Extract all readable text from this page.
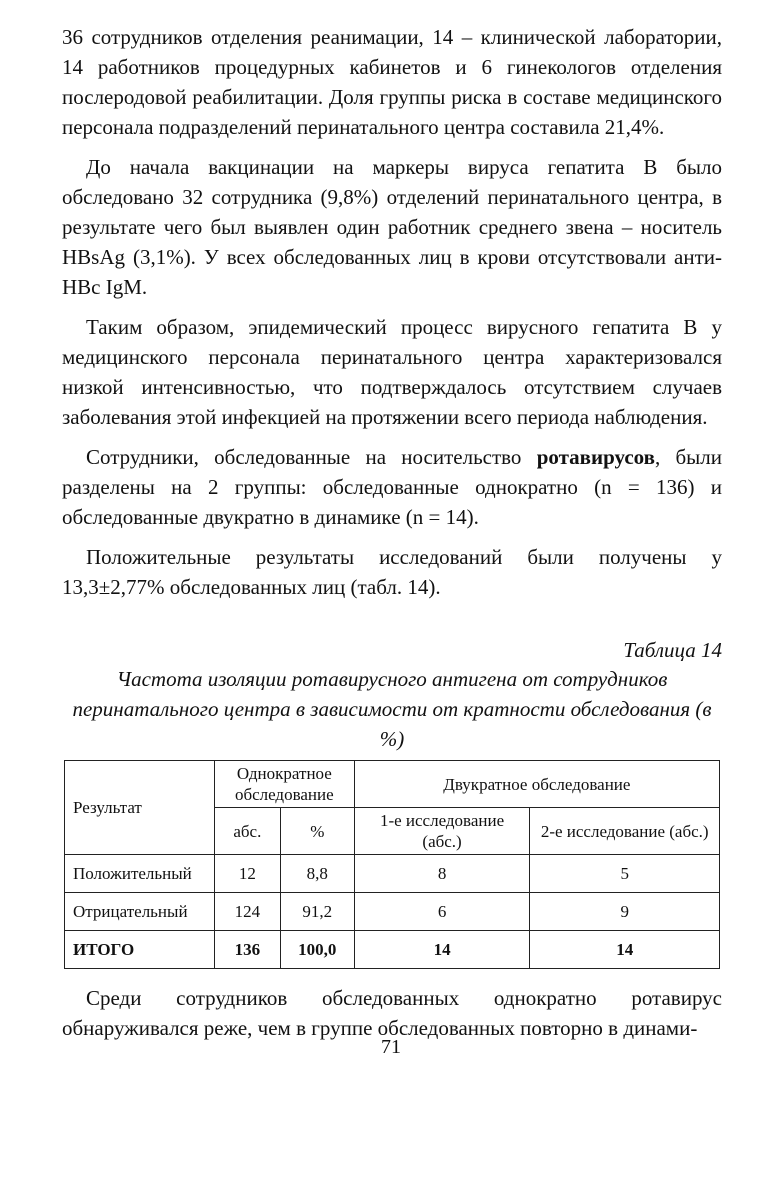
36 сотрудников отделения реанимации, 14 – клинической лаборатории, 14 работников процедурных кабинетов и 6 гинекологов отделения послеродовой реабилитации. Доля группы риска в составе медицинского персонала подразделений перинатального центра составила 21,4%.

До начала вакцинации на маркеры вируса гепатита В было обследовано 32 сотрудника (9,8%) отделений перинатального центра, в результате чего был выявлен один работник среднего звена – носитель HBsAg (3,1%). У всех обследованных лиц в крови отсутствовали анти-HBc IgM.

Таким образом, эпидемический процесс вирусного гепатита В у медицинского персонала перинатального центра характеризовался низкой интенсивностью, что подтверждалось отсутствием случаев заболевания этой инфекцией на протяжении всего периода наблюдения.

Сотрудники, обследованные на носительство ротавирусов, были разделены на 2 группы: обследованные однократно (n = 136) и обследованные двукратно в динамике (n = 14).

Положительные результаты исследований были получены у 13,3±2,77% обследованных лиц (табл. 14).

Таблица 14
Частота изоляции ротавирусного антигена от сотрудников перинатального центра в зависимости от кратности обследования (в %)
Результат	Однократное обследование		Двукратное обследование	
	абс.	%	1-е исследование (абс.)	2-е исследование (абс.)
Положительный	12	8,8	8	5
Отрицательный	124	91,2	6	9
ИТОГО	136	100,0	14	14

Среди сотрудников обследованных однократно ротавирус обнаруживался реже, чем в группе обследованных повторно в динами-

71
